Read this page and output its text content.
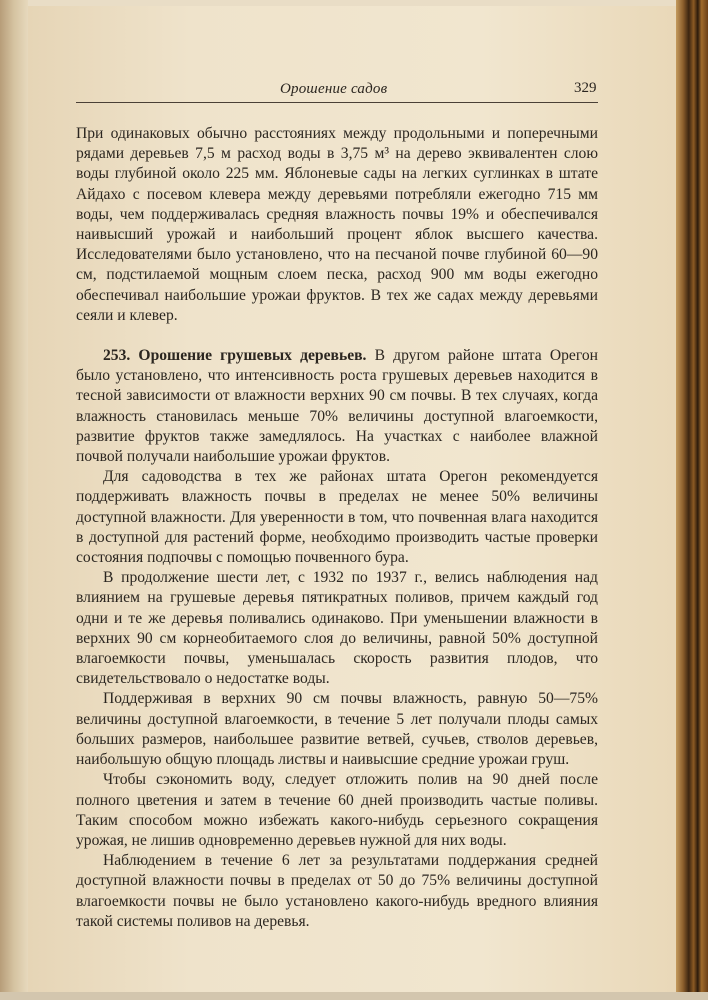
Орошение садов	329

При одинаковых обычно расстояниях между продольными и поперечными рядами деревьев 7,5 м расход воды в 3,75 м³ на дерево эквивалентен слою воды глубиной около 225 мм. Яблоневые сады на легких суглинках в штате Айдахо с посевом клевера между деревьями потребляли ежегодно 715 мм воды, чем поддерживалась средняя влажность почвы 19% и обеспечивался наивысший урожай и наибольший процент яблок высшего качества. Исследователями было установлено, что на песчаной почве глубиной 60—90 см, подстилаемой мощным слоем песка, расход 900 мм воды ежегодно обеспечивал наибольшие урожаи фруктов. В тех же садах между деревьями сеяли и клевер.

253. Орошение грушевых деревьев. В другом районе штата Орегон было установлено, что интенсивность роста грушевых деревьев находится в тесной зависимости от влажности верхних 90 см почвы. В тех случаях, когда влажность становилась меньше 70% величины доступной влагоемкости, развитие фруктов также замедлялось. На участках с наиболее влажной почвой получали наибольшие урожаи фруктов.

Для садоводства в тех же районах штата Орегон рекомендуется поддерживать влажность почвы в пределах не менее 50% величины доступной влажности. Для уверенности в том, что почвенная влага находится в доступной для растений форме, необходимо производить частые проверки состояния подпочвы с помощью почвенного бура.

В продолжение шести лет, с 1932 по 1937 г., велись наблюдения над влиянием на грушевые деревья пятикратных поливов, причем каждый год одни и те же деревья поливались одинаково. При уменьшении влажности в верхних 90 см корнеобитаемого слоя до величины, равной 50% доступной влагоемкости почвы, уменьшалась скорость развития плодов, что свидетельствовало о недостатке воды.

Поддерживая в верхних 90 см почвы влажность, равную 50—75% величины доступной влагоемкости, в течение 5 лет получали плоды самых больших размеров, наибольшее развитие ветвей, сучьев, стволов деревьев, наибольшую общую площадь листвы и наивысшие средние урожаи груш.

Чтобы сэкономить воду, следует отложить полив на 90 дней после полного цветения и затем в течение 60 дней производить частые поливы. Таким способом можно избежать какого-нибудь серьезного сокращения урожая, не лишив одновременно деревьев нужной для них воды.

Наблюдением в течение 6 лет за результатами поддержания средней доступной влажности почвы в пределах от 50 до 75% величины доступной влагоемкости почвы не было установлено какого-нибудь вредного влияния такой системы поливов на деревья.
